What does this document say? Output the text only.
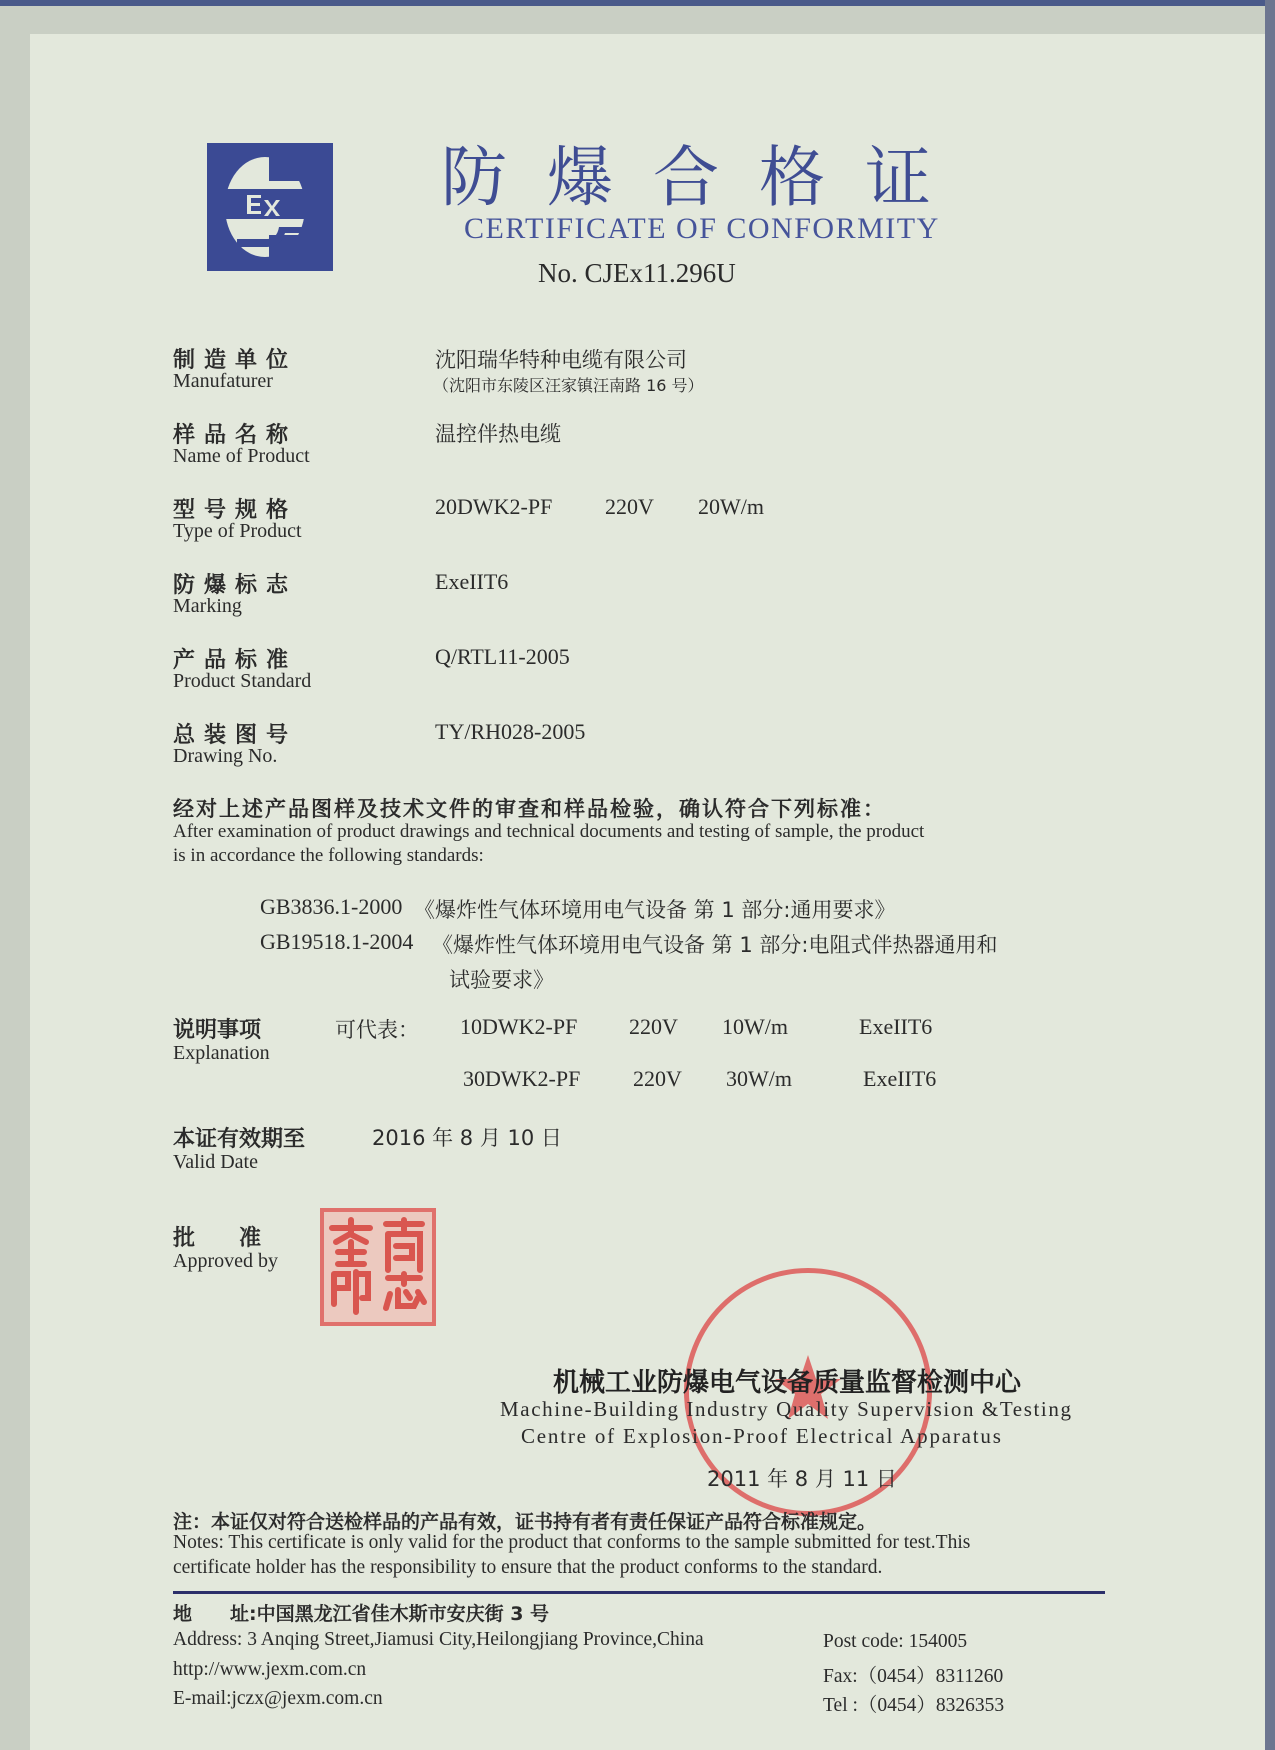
防爆合格证
CERTIFICATE OF CONFORMITY
No. CJEx11.296U
制造单位
Manufaturer
沈阳瑞华特种电缆有限公司
（沈阳市东陵区汪家镇汪南路 16 号）
样品名称
Name of Product
温控伴热电缆
型号规格
Type of Product
20DWK2-PF 220V 20W/m
防爆标志
Marking
ExeIIT6
产品标准
Product Standard
Q/RTL11-2005
总装图号
Drawing No.
TY/RH028-2005
经对上述产品图样及技术文件的审查和样品检验，确认符合下列标准：
After examination of product drawings and technical documents and testing of sample, the product
is in accordance the following standards:
GB3836.1-2000 《爆炸性气体环境用电气设备 第 1 部分:通用要求》
GB19518.1-2004 《爆炸性气体环境用电气设备 第 1 部分:电阻式伴热器通用和
试验要求》
说明事项
Explanation
可代表： 10DWK2-PF 220V 10W/m	ExeIIT6
30DWK2-PF 220V 30W/m	ExeIIT6
本证有效期至
Valid Date
2016 年 8 月 10 日
批　　准
Approved by
机械工业防爆电气设备质量监督检测中心
Machine-Building Industry Quality Supervision &Testing
Centre of Explosion-Proof Electrical Apparatus
2011 年 8 月 11 日
注：本证仅对符合送检样品的产品有效，证书持有者有责任保证产品符合标准规定。
Notes: This certificate is only valid for the product that conforms to the sample submitted for test.This
certificate holder has the responsibility to ensure that the product conforms to the standard.
地　　址:中国黑龙江省佳木斯市安庆街 3 号
Address: 3 Anqing Street,Jiamusi City,Heilongjiang Province,China
http://www.jexm.com.cn
E-mail:jczx@jexm.com.cn
Post code: 154005
Fax:（0454）8311260
Tel :（0454）8326353
